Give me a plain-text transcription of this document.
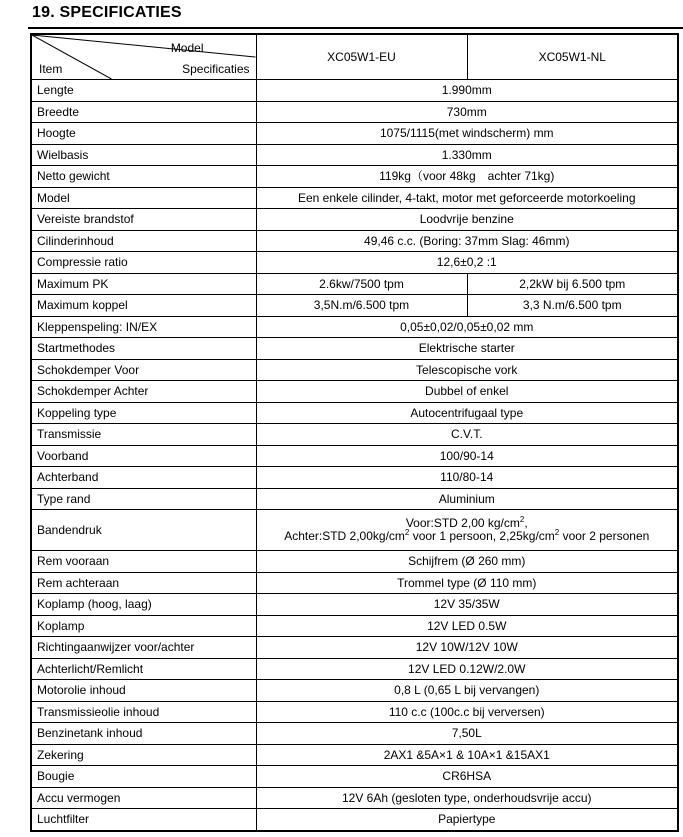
19. SPECIFICATIES
Model
Item Specificaties	XC05W1-EU	XC05W1-NL
Lengte	1.990mm	
Breedte	730mm	
Hoogte	1075/1115(met windscherm) mm	
Wielbasis	1.330mm	
Netto gewicht	119kg（voor 48kg　achter 71kg)	
Model	Een enkele cilinder, 4-takt, motor met geforceerde motorkoeling	
Vereiste brandstof	Loodvrije benzine	
Cilinderinhoud	49,46 c.c. (Boring: 37mm Slag: 46mm)	
Compressie ratio	12,6±0,2 :1	
Maximum PK	2.6kw/7500 tpm	2,2kW bij 6.500 tpm
Maximum koppel	3,5N.m/6.500 tpm	3,3 N.m/6.500 tpm
Kleppenspeling: IN/EX	0,05±0,02/0,05±0,02 mm	
Startmethodes	Elektrische starter	
Schokdemper Voor	Telescopische vork	
Schokdemper Achter	Dubbel of enkel	
Koppeling type	Autocentrifugaal type	
Transmissie	C.V.T.	
Voorband	100/90-14	
Achterband	110/80-14	
Type rand	Aluminium	
Bandendruk	Voor:STD 2,00 $kg/cm^2$,
Achter:STD $2,00kg/cm^2$ voor 1 persoon, $2,25kg/cm^2$ voor 2 personen	

Rem vooraan	Schijfrem (Ø 260 mm)	
Rem achteraan	Trommel type (Ø 110 mm)	
Koplamp (hoog, laag)	12V 35/35W	
Koplamp	12V LED 0.5W	
Richtingaanwijzer voor/achter	12V 10W/12V 10W	
Achterlicht/Remlicht	12V LED 0.12W/2.0W	
Motorolie inhoud	0,8 L (0,65 L bij vervangen)	
Transmissieolie inhoud	110 c.c (100c.c bij verversen)	
Benzinetank inhoud	7,50L	
Zekering	2AX1 &5A×1 & 10A×1 &15AX1	
Bougie	CR6HSA	
Accu vermogen	12V 6Ah (gesloten type, onderhoudsvrije accu)	
Luchtfilter	Papiertype	
